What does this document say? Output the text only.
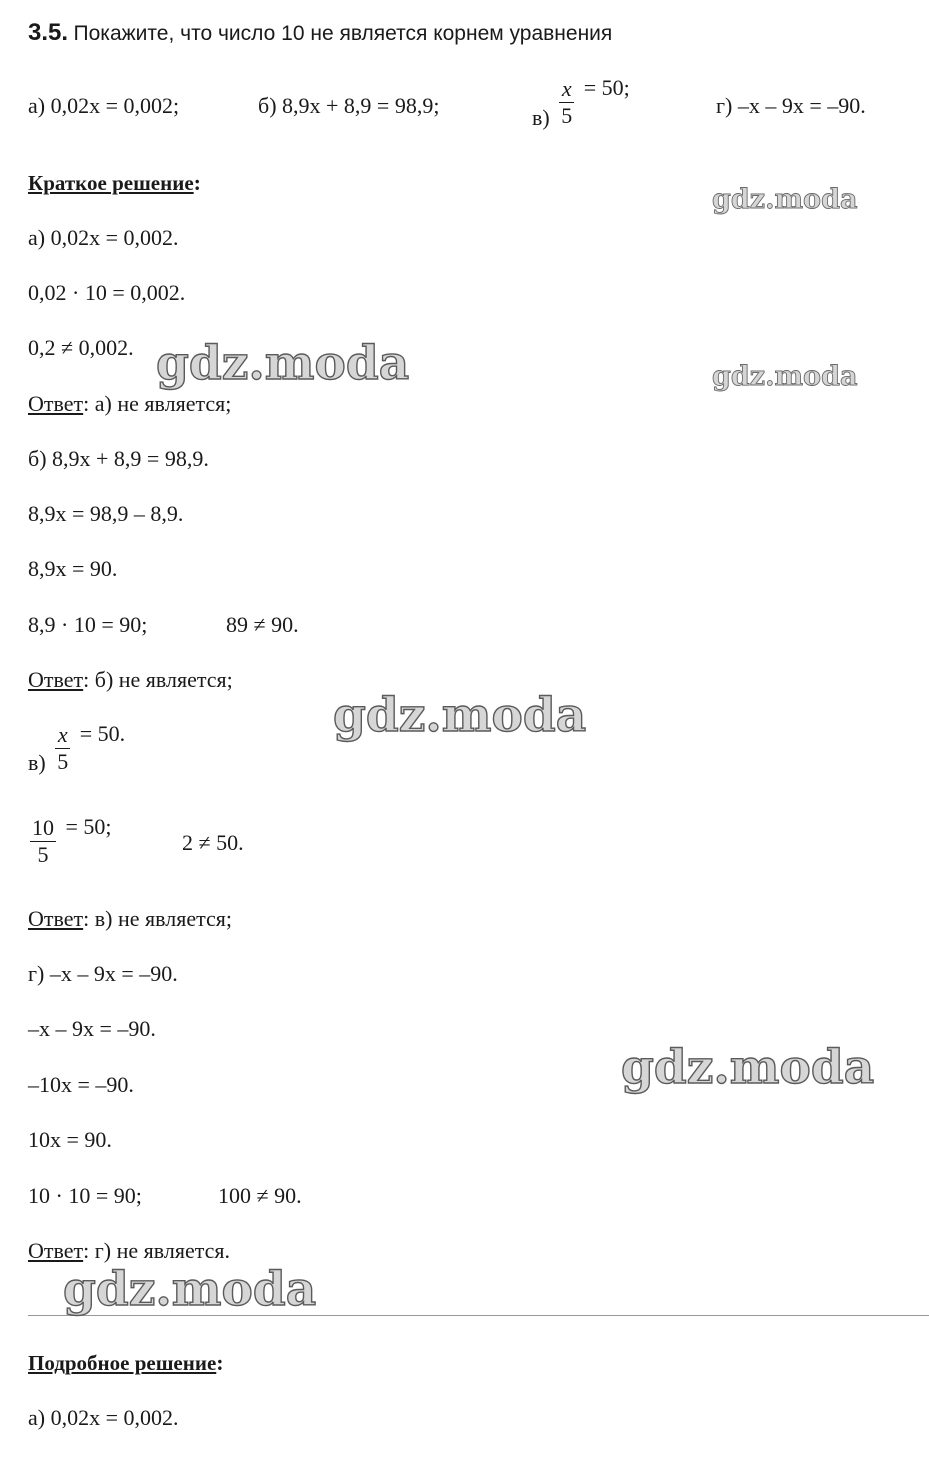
3.5. Покажите, что число 10 не является корнем уравнения
а) 0,02x = 0,002;	б) 8,9x + 8,9 = 98,9;	$в) \frac{x}{5} = 50$;
г) –x – 9x = –90.
Краткое решение:
а) 0,02x = 0,002.
0,02 · 10 = 0,002.
0,2 ≠ 0,002.
Ответ: а) не является;
б) 8,9x + 8,9 = 98,9.
8,9x = 98,9 – 8,9.
8,9x = 90.
8,9 · 10 = 90;	89 ≠ 90.
Ответ: б) не является;
$в) \frac{x}{5} = 50$.
$\frac{10}{5} = 50$;
2 ≠ 50.
Ответ: в) не является;
г) –x – 9x = –90.
–x – 9x = –90.
–10x = –90.
10x = 90.
10 · 10 = 90;	100 ≠ 90.
Ответ: г) не является.
Подробное решение:
а) 0,02x = 0,002.
gdz.moda
gdz.moda
gdz.moda
gdz.moda
gdz.moda
gdz.moda
